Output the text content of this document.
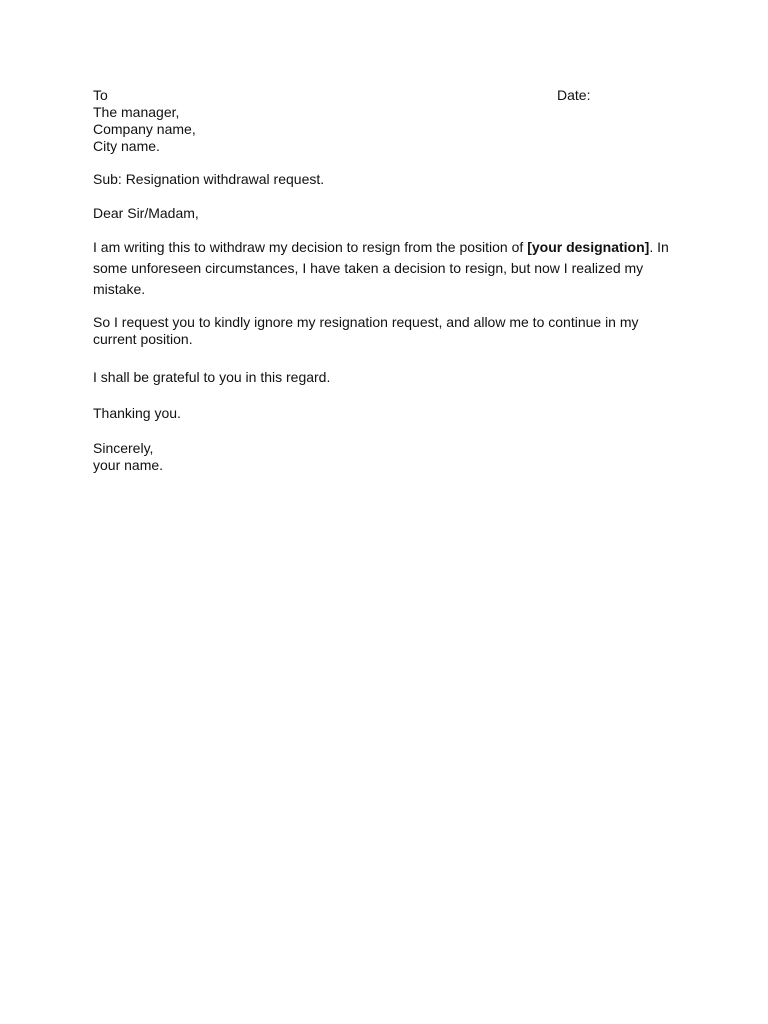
To
The manager,
Company name,
City name.
Date:

Sub: Resignation withdrawal request.

Dear Sir/Madam,

I am writing this to withdraw my decision to resign from the position of [your designation]. In some unforeseen circumstances, I have taken a decision to resign, but now I realized my mistake.

So I request you to kindly ignore my resignation request, and allow me to continue in my current position.

I shall be grateful to you in this regard.

Thanking you.

Sincerely,
your name.
